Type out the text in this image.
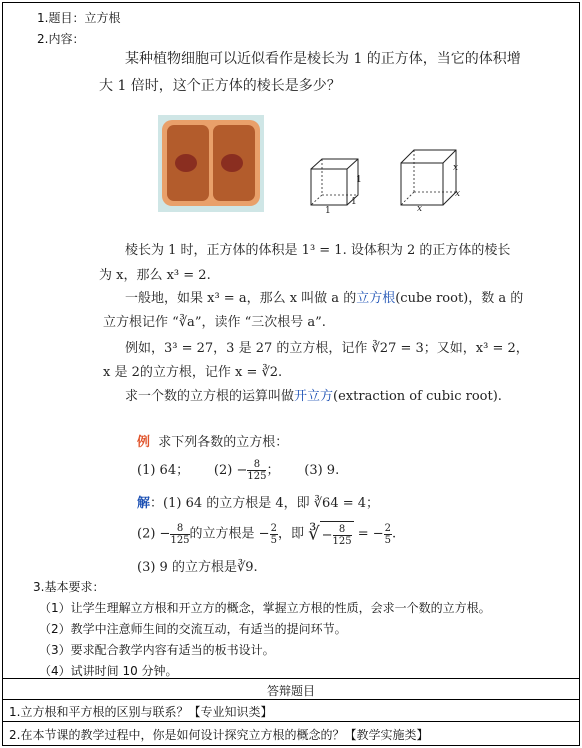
1.题目：立方根
2.内容：
某种植物细胞可以近似看作是棱长为 1 的正方体，当它的体积增
大 1 倍时，这个正方体的棱长是多少？
1
1
1
x
x
x
棱长为 1 时，正方体的体积是 1³ = 1. 设体积为 2 的正方体的棱长
为 x，那么 x³ = 2.
一般地，如果 x³ = a，那么 x 叫做 a 的立方根(cube root)，数 a 的
立方根记作 “∛a”，读作 “三次根号 a”.
例如，3³ = 27，3 是 27 的立方根，记作 ∛27 = 3；又如，x³ = 2，
x 是 2的立方根，记作 x = ∛2.
求一个数的立方根的运算叫做开立方(extraction of cubic root).
例 求下列各数的立方根：
(1) 64； $(2) - \frac{8}{125}$ ； (3) 9.
解：(1) 64 的立方根是 4，即 ∛64 = 4；
$(2) - \frac{8}{125}$ 的立方根是 − $\frac{2}{5}$ ，即 ∛ − $\frac{8}{125}$ = − $\frac{2}{5}$ .
(3) 9 的立方根是∛9.
3.基本要求：
（1）让学生理解立方根和开立方的概念，掌握立方根的性质，会求一个数的立方根。
（2）教学中注意师生间的交流互动，有适当的提问环节。
（3）要求配合教学内容有适当的板书设计。
（4）试讲时间 10 分钟。
答辩题目
1.立方根和平方根的区别与联系？【专业知识类】
2.在本节课的教学过程中，你是如何设计探究立方根的概念的？【教学实施类】
